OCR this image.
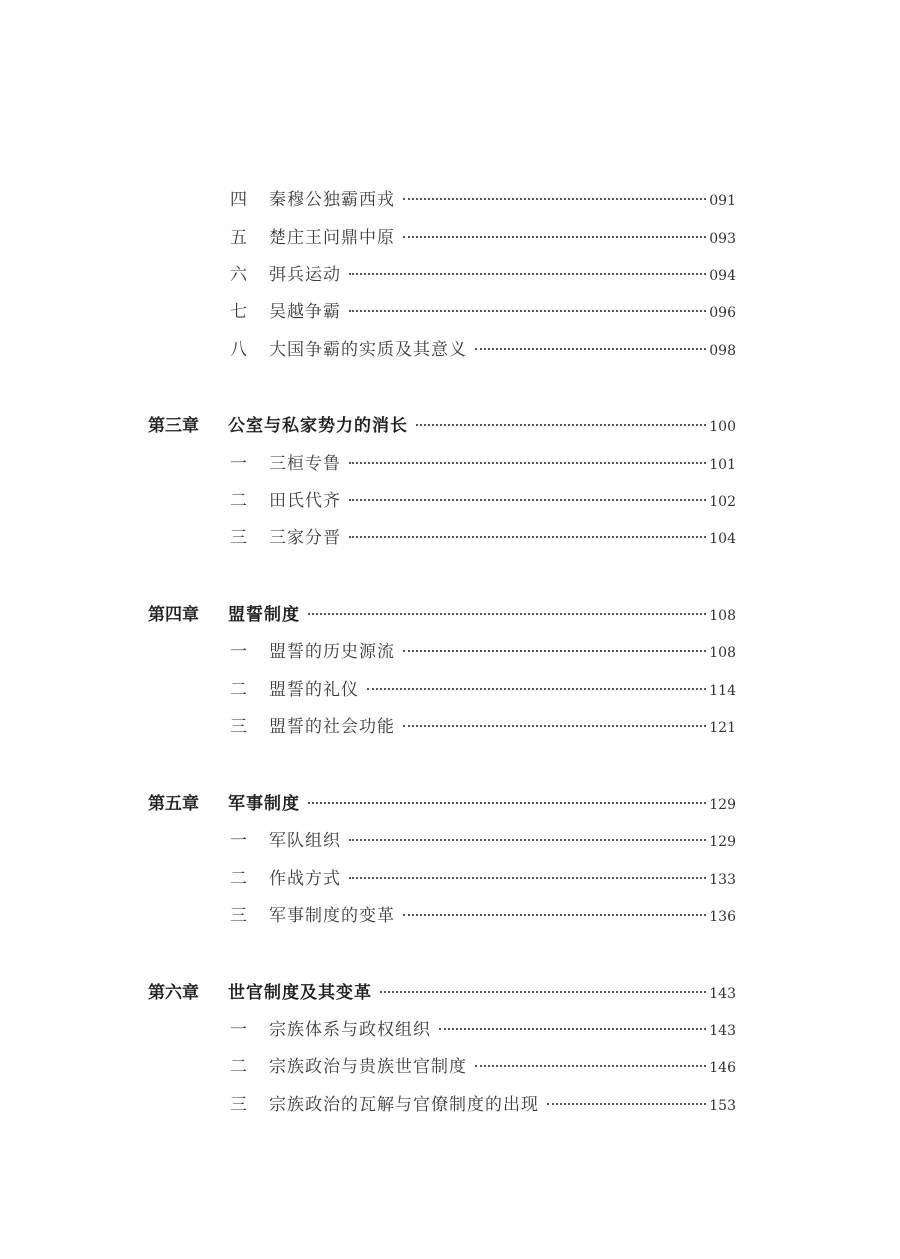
四	秦穆公独霸西戎	091
五	楚庄王问鼎中原	093
六	弭兵运动	094
七	吴越争霸	096
八	大国争霸的实质及其意义	098
第三章	公室与私家势力的消长	100
一	三桓专鲁	101
二	田氏代齐	102
三	三家分晋	104
第四章	盟誓制度	108
一	盟誓的历史源流	108
二	盟誓的礼仪	114
三	盟誓的社会功能	121
第五章	军事制度	129
一	军队组织	129
二	作战方式	133
三	军事制度的变革	136
第六章	世官制度及其变革	143
一	宗族体系与政权组织	143
二	宗族政治与贵族世官制度	146
三	宗族政治的瓦解与官僚制度的出现	153
